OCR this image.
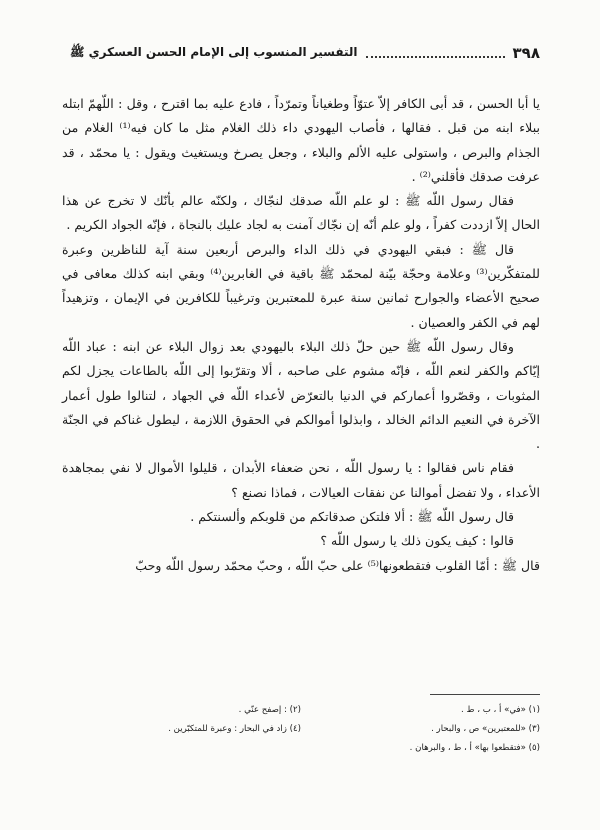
٣٩٨
التفسير المنسوب إلى الإمام الحسن العسكري ﷺ

يا أبا الحسن ، قد أبى الكافر إلاّ عتوّاً وطغياناً وتمرّداً ، فادع عليه بما اقترح ، وقل : اللّهمّ ابتله ببلاء ابنه من قبل . فقالها ، فأصاب اليهودي داء ذلك الغلام مثل ما كان فيه⁽¹⁾ الغلام من الجذام والبرص ، واستولى عليه الألم والبلاء ، وجعل يصرخ ويستغيث ويقول : يا محمّد ، قد عرفت صدقك فأقلني⁽²⁾ .

فقال رسول اللّه ﷺ : لو علم اللّه صدقك لنجّاك ، ولكنّه عالم بأنّك لا تخرج عن هذا الحال إلاّ ازددت كفراً ، ولو علم أنّه إن نجّاك آمنت به لجاد عليك بالنجاة ، فإنّه الجواد الكريم .

قال ﷺ : فبقي اليهودي في ذلك الداء والبرص أربعين سنة آية للناظرين وعبرة للمتفكّرين⁽³⁾ وعلامة وحجّة بيّنة لمحمّد ﷺ باقية في الغابرين⁽⁴⁾ وبقي ابنه كذلك معافى في صحيح الأعضاء والجوارح ثمانين سنة عبرة للمعتبرين وترغيباً للكافرين في الإيمان ، وتزهيداً لهم في الكفر والعصيان .

وقال رسول اللّه ﷺ حين حلّ ذلك البلاء باليهودي بعد زوال البلاء عن ابنه : عباد اللّه إيّاكم والكفر لنعم اللّه ، فإنّه مشوم على صاحبه ، ألا وتقرّبوا إلى اللّه بالطاعات يجزل لكم المثوبات ، وقصّروا أعماركم في الدنيا بالتعرّض لأعداء اللّه في الجهاد ، لتنالوا طول أعمار الآخرة في النعيم الدائم الخالد ، وابذلوا أموالكم في الحقوق اللازمة ، ليطول غناكم في الجنّة .

فقام ناس فقالوا : يا رسول اللّه ، نحن ضعفاء الأبدان ، قليلوا الأموال لا نفي بمجاهدة الأعداء ، ولا تفضل أموالنا عن نفقات العيالات ، فماذا نصنع ؟

قال رسول اللّه ﷺ : ألا فلتكن صدقاتكم من قلوبكم وألسنتكم .

قالوا : كيف يكون ذلك يا رسول اللّه ؟

قال ﷺ : أمّا القلوب فتقطعونها⁽⁵⁾ على حبّ اللّه ، وحبّ محمّد رسول اللّه وحبّ

(١) «في» أ ، ب ، ط .
(٢) : إصفح عنّي .
(٣) «للمعتبرين» ص ، والبحار .
(٤) زاد في البحار : وعبرة للمتكبّرين .
(٥) «فتقطعوا بها» أ ، ط ، والبرهان .
